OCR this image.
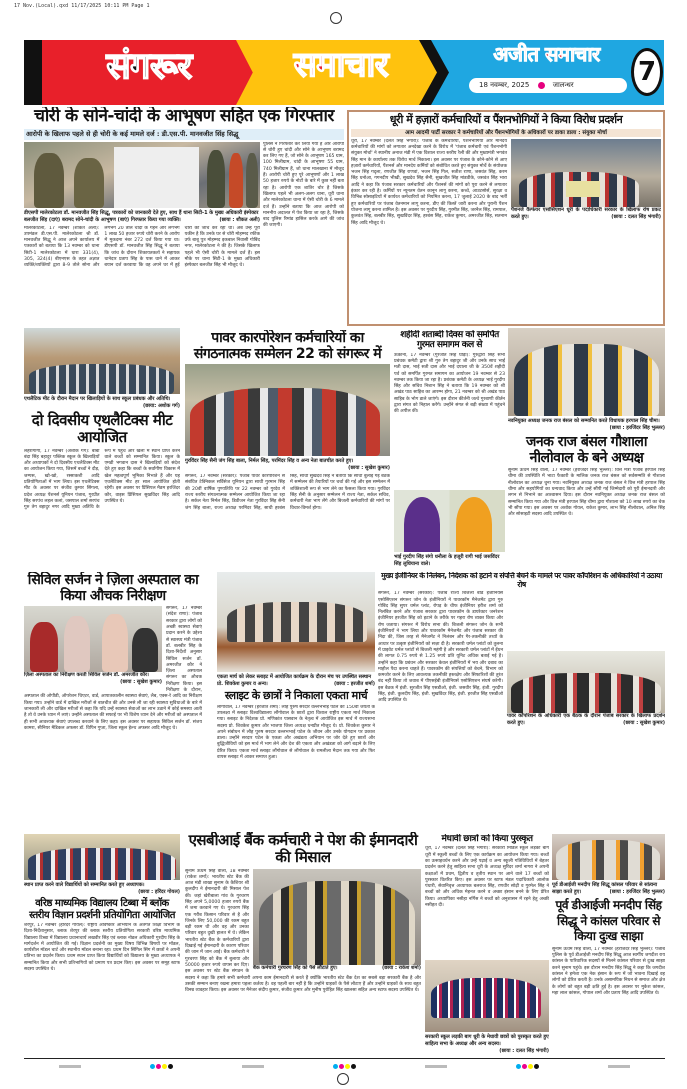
17 Nov.(Local).qxd 11/17/2025 10:11 PM Page 1
संगरूर	समाचार	अजीत समाचार
18 नवम्बर, 2025	जालन्धर	7
चोरी के सोने-चांदी के आभूषण सहित एक गिरफ्तार
आरोपी के खिलाफ पहले से ही चोरी के कई मामले दर्ज : डी.एस.पी. मानवजीत सिंह सिद्धू
डीएसपी मालेरकोटला डॉ. मानवजीत सिंह सिद्धू, पत्रकारों को जानकारी देते हुए, साथ हैं थाना सिटी-1 के मुख्य अधिकारी इंस्पेक्टर बलजीत सिंह (दाएं) बरामद सोने-चांदी के आभूषण (बाएं) गिरफ्तार किया गया व्यक्ति।	(छाया : शौकत अली)
मालेरकोटला, 17 नवम्बर (शौकत अली): उपमंडल डी.एस.पी. मालेरकोटला श्री डॉ. मानवजीत सिद्धू ने आज अपने कार्यालय में पत्रकारों को बताया कि 13 नवम्बर को थाना सिटी-1 मालेरकोटला में धारा 331(4), 305, 324(4) बीएनएस के तहत अज्ञात व्यक्ति/व्यक्तियों द्वारा 8-9 तोले सोना और लगभग 20 तोले चांदी के गहने और लगभग 1 लाख 50 हजार रुपये चोरी करने के आरोप में मुकदमा नंबर 272 दर्ज किया गया था। डीएसपी डॉ. मानवजीत सिंह सिद्धू ने बताया कि जांच के दौरान शिकायतकर्ता ने सहायक थानेदार प्रताप सिंह के पास थाने में आकर बयान दर्ज करवाया कि वह अपने घर में हुई चोरी की जांच कर रहा था। अब उन्हें पूरा यकीन है कि उनके घर से चोरी मोहम्मद रफीक उर्फ बाबू पुत्र मोहम्मद इकबाल निवासी गोबिंद नगर, मालेरकोटला ने की है। जिसके खिलाफ पहले भी ऐसी चोरी के मामले दर्ज हैं। इस मौके पर थाना सिटी-1 के मुख्य अधिकारी इंस्पेक्टर बलजीत सिंह भी मौजूद थे।
पुलिस ने गिरफ्तार कर लिया गया है और आरोपी से चोरी हुए चांदी और सोने के आभूषण बरामद कर लिए गए हैं, जो सोने के आभूषण 165 ग्राम, 100 मिलीग्राम, चांदी के आभूषण 55 ग्राम, 740 मिलीग्राम हैं, जो थाना मालखाना में मौजूद हैं। आरोपी चोरी हुए पूरे आभूषणों और 1 लाख 50 हजार रुपये के नोटों के बारे में कुछ नहीं बता रहा है। आरोपी एक शातिर चोर है जिसके खिलाफ पहले भी अलग-अलग थाना, धूरी थाना और मालेरकोटला थाना में ऐसी चोरी के 6 मामले दर्ज हैं। उन्होंने बताया कि आज आरोपी को माननीय अदालत में पेश किया जा रहा है, जिसके बाद पुलिस रिमांड हासिल करके आगे की जांच की जाएगी।
धूरी में हज़ारों कर्मचारियों व पैंशनभोगियों ने किया विरोध प्रदर्शन
आम आदमी पार्टी सरकार ने कर्मचारियों और पैंशनभोगियों के अधिकारों पर डाका डाला : संयुक्त मोर्चा
पैंशनर्ज वैल्फेयर एसोसिएशन धूरी के पदाधिकारी सरकार के खिलाफ रोष प्रकट करते हुए।	(छाया : दलत सिंह भंगारी)
धूरी, 17 नवम्बर (दलत सिंह भंगारी): पंजाब के कर्मचारियों, पैंशनभोगियों और मानदेय कर्मचारियों की मांगों को लगातार अनदेखा करने के विरोध में 'पंजाब कर्मचारी एवं पैंशनभोगी संयुक्त मोर्चा' ने स्थानीय अनाज मंडी में एक विशाल राज्य स्तरीय रैली की और मुख्यमंत्री भगवंत सिंह मान के कार्यालय तक विरोध मार्च निकाला। इस अवसर पर पंजाब के कोने-कोने से आए हज़ारों कर्मचारियों, पैंशनर्स और मानदेय कर्मियों को संबोधित करते हुए संयुक्त मोर्चे के संयोजक भजन सिंह गदृला, रणजीत सिंह राणवां, भजन सिंह गिल, सतीश राणा, जसवंत सिंह, करम सिंह धनोआ, गगनदीप भीखी, सुखदेव सिंह सैनी, सुखजीत सिंह मांडवीके, जसवंत सिंह भारा आदि ने कहा कि पंजाब सरकार कर्मचारियों और पैंशनर्स की मांगों को पूरा करने से लगातार इंकार कर रही है। कर्मियों पर न्यूनतम वेतन कानून लागू करना, कच्चे, आउटसोर्स, सुरक्षा व विभिन्न सोसाइटियों में कार्यरत कर्मचारियों को नियमित करना, 17 जुलाई 2020 के बाद भर्ती हुए कर्मचारियों पर पंजाब वेतनमान लागू करना, डीए की किस्तें जारी करना और पुरानी पैंशन योजना लागू करना शामिल है। इस अवसर पर गुरदीप सिंह, गुरमीत सिंह, जरनैल सिंह, रामपाल, कुलवंत सिंह, बलबीर सिंह, सुखविंदर सिंह, हरबंस सिंह, राकेश कुमार, अमरजीत सिंह, सतनाम सिंह आदि मौजूद थे।
एथलैटिक मीट के दौरान मैदान पर खिलाड़ियों के साथ स्कूल प्रबंधक और अतिथि।
(छाया: अशोक गर्ग)
दो दिवसीय एथलैटिक्स मीट आयोजित
लहरागागा, 17 नवम्बर (अशोक गर्ग): बाबा बंदा सिंह बहादुर पब्लिक स्कूल के खिलाड़ियों और अध्यापकों ने दो दिवसीय एथलैटिक्स मीट का आयोजन किया गया, जिसमें बच्चों ने दौड़, जम्पस, खो-खो, रस्साकशी आदि प्रतियोगिताओं में भाग लिया। इस एथलैटिक्स मीट के अवसर पर संजीव कुमार सिंगला, प्रदेश अध्यक्ष पेंशनर्स यूनियन पंजाब, गुरप्रीत सिंह सरपंच लहल कलां, जसपाल शर्मा सरपंच गुरु तेग बहादुर नगर आदि मुख्य अतिथि के रूप में पहुंचे और खेलों में स्थान प्राप्त करने वाले बच्चों को सम्मानित किया। स्कूल के एमडी भगवान दास ने खिलाड़ियों को संदेश देते हुए कहा कि बच्चों के सर्वांगीण विकास में खेल महत्वपूर्ण भूमिका निभाते हैं और यह एथलैटिक्स मीट हर साल आयोजित होती रहेगी। इस अवसर पर प्रिंसिपल मैडम हरजिंदर कौर, वाइस प्रिंसिपल सुखविंदर सिंह आदि उपस्थित थे।
पावर कारपोरेशन कर्मचारियों का संगठनात्मक सम्मेलन 22 को संगरूर में
गुरविंदर सिंह सैनी जंग सिंह बाला, निर्मल सिंह, परमिंदर सिंह व अन्य नेता बातचीत करते हुए।
(छाया : सुखेश कुमार)
संगरूर, 17 नवम्बर (सरकार): पंजाब पावर कारपोरेशन से संबंधित टेक्निकल सर्विसेज यूनियन द्वारा साथी गुरमान सिंह की 20वीं वार्षिक पुण्यतिथि पर 22 नवम्बर को गुरदेव में राज्य स्तरीय संगठनात्मक सम्मेलन आयोजित किया जा रहा है। सर्कल नेता निर्मल सिंह, डिवीजन नेता गुरविंदर सिंह सैनी जंग सिंह बाला, राज्य अध्यक्ष परमिंदर सिंह, साथी हरबंस सिंह, साथी सुखदेव सिंह ने बताया कि साथी बुलाई गई बैठक में सम्मेलन की तैयारियों पर चर्चा की गई और इस सम्मेलन में शक्तिशाली रूप से भाग लेने का फैसला किया गया। गुरविंदर सिंह सैनी के अनुसार सम्मेलन में राज्य नेता, सर्कल सचिव, कर्मचारी नेता भाग लेंगे और बिजली कर्मचारियों की मांगों पर विचार-विमर्श होगा।
शहीदी शताब्दी दिवस को समर्पित गुरमत समागम कल से
ऊकाना, 17 नवम्बर (गुरजीत सिंह घोड़ा): गुरुद्वारा सिंह सभा प्रबंधक कमेटी द्वारा श्री गुरु तेग बहादुर जी और उनके साथ भाई मती दास, भाई सती दास और भाई दयाला जी के 350वें शहीदी पर्व को समर्पित गुरमत समागम का आयोजन 19 नवम्बर से 23 नवम्बर तक किया जा रहा है। प्रबंधक कमेटी के अध्यक्ष भाई गुरदीप सिंह और सचिव निशान सिंह ने बताया कि 19 नवम्बर को श्री अखंड पाठ साहिब का आरम्भ होगा, 21 नवम्बर को श्री अखंड पाठ साहिब के भोग डाले जाएंगे। इस दौरान कीर्तनी जत्थे गुरबाणी कीर्तन द्वारा संगत को निहाल करेंगे। उन्होंने संगत से बड़ी संख्या में पहुंचने की अपील की।
भाई गुरदीप सिंह संगो धनौला के हजूरी रागी भाई जसविंदर सिंह लुधियाना वाले।
नवनियुक्त अध्यक्ष जनक राज बंसल को सम्मानित करते विधायक हरपाल सिंह चीमा।
(छाया : हरजिंदर सिंह भुल्लर)
जनक राज बंसल गौशाला नीलोवाल के बने अध्यक्ष
सुनाम ऊधम सिंह वाला, 17 नवम्बर (हरजिंदर सिंह भुल्लर): वित्त मंत्री पंजाब हरपाल सिंह चीमा की उपस्थिति में भाटा फैक्टरी के मालिक जनक राज बंसल को सर्वसम्मति से गौशाला नीलोवाल का अध्यक्ष चुना गया। नवनियुक्त अध्यक्ष जनक राज बंसल ने वित्त मंत्री हरपाल सिंह चीमा और सहयोगियों का धन्यवाद किया और उन्हें सौंपी गई जिम्मेदारी को पूरी ईमानदारी और लगन से निभाने का आश्वासन दिया। इस दौरान नवनियुक्त अध्यक्ष जनक राज बंसल को सम्मानित किया गया और वित्त मंत्री हरपाल सिंह चीमा द्वारा गौशाला को 10 लाख रुपये का चेक भी सौंपा गया। इस अवसर पर अशोक गोयल, राकेश कुमार, लाभ सिंह नीलोवाल, अनिल सिंह और सोसाइटी सदस्य आदि उपस्थित थे।
सिविल सर्जन ने ज़िला अस्पताल का किया औचक निरीक्षण
ज़िला अस्पताल का निरीक्षण करती सिविल सर्जन डॉ. अमरजीत कौर।
(छाया : सुखेश कुमार)
संगरूर, 17 नवम्बर (संदेश राणा): पंजाब सरकार द्वारा लोगों को अच्छी स्वास्थ्य सेवाएं प्रदान करने के उद्देश्य से स्वास्थ्य मंत्री पंजाब डॉ. बलबीर सिंह के दिशा-निर्देशों अनुसार सिविल सर्जन डॉ. अमरजीत कौर ने ज़िला अस्पताल संगरूर का औचक निरीक्षण किया। इस निरीक्षण के दौरान, अस्पताल की ओपीडी, ऑपरेशन थिएटर, वार्ड, आपातकालीन स्वास्थ्य सेवाएं, लैब, एक्स-रे आदि का निरीक्षण किया गया। उन्होंने वार्ड में दाखिल मरीजों से बातचीत की और उनसे ली जा रही स्वास्थ्य सुविधाओं के बारे में जानकारी ली और दाखिल मरीजों से कहा कि यदि उन्हें स्वास्थ्य सेवाओं का लाभ उठाने में कोई समस्या आती है तो वे उनके ध्यान में लाएं। उन्होंने अस्पताल की सफाई पर भी विशेष ध्यान देने और मरीजों को अस्पताल में ही सभी आवश्यक सेवाएं उपलब्ध करवाने के लिए कहा। इस अवसर पर सहायक सिविल सर्जन डॉ. संजय कामरा, सीनियर मैडिकल अफसर डॉ. विपिन गुप्ता, जिला स्कूल हेल्थ अफसर आदि मौजूद थे।
एकता मार्च को लेकर स्लाइट में आयोजित कार्यक्रम के दौरान मंच पर उपस्थित सस्थान प्रो. शिवकेश कुमार व अन्य।	(छाया : हरजीत शर्मा)
स्लाइट के छात्रों ने निकाला एकता मार्च
लौंगोवाल, 17 नवम्बर (हरजीत शर्मा): लौह पुरुष सरदार वल्लभभाई पटेल की 150वीं जयंती के उपलक्ष्य में स्लाइट विश्वविद्यालय लौंगोवाल के छात्रों द्वारा विशाल राष्ट्रीय एकता मार्च निकाला गया। स्लाइट के निदेशक प्रो. मणिकांत पासवान के नेतृत्व में आयोजित इस मार्च में राज्यसभा सदस्य प्रो. शिवकेश कुमार और भाजपा जिला अध्यक्ष धनप्रीत मौजूद थे। प्रो. शिवकेश कुमार ने अपने संबोधन में लौह पुरुष सरदार वल्लभभाई पटेल के जीवन और उनके योगदान पर प्रकाश डाला। उन्होंने सरदार पटेल के एकता और अखंडता अभियान पर जोर देते हुए छात्रों और बुद्धिजीवियों को इस मार्च में भाग लेने और देश की एकता और अखंडता को आगे बढ़ाने के लिए प्रेरित किया। एकता मार्च स्लाइट लौंगोवाल से लौंगोवाल के रामलीला मैदान तक गया और फिर वापस स्लाइट में आकर समाप्त हुआ।
मुख्य इंजीनियर के निलंबन, निदेशक को हटाने व संपत्ति बेचने के मामले पर पावर कॉर्पोरेशन के अधिकारियों ने उठाया रोष
पावर कॉर्पोरेशन के अधिकारी एक बैठक के दौरान पंजाब सरकार के खिलाफ प्रदर्शन करते हुए।	(छाया : सुखेश कुमार)
संगरूर, 17 नवम्बर (सरकार): पंजाब राज्य बिजली बोर्ड इंजीनियर्स एसोसिएशन संगरूर जोन के इंजीनियरों ने पावरकॉम मैनेजमेंट द्वारा गुरु गोबिंद सिंह सुपर थर्मल प्लांट, रोपड़ के चीफ इंजीनियर हरीश शर्मा को निलंबित करने और पंजाब सरकार द्वारा पावरकॉम के डायरेक्टर जनरेशन इंजीनियर हरजीत सिंह को हटाने के तरीके पर गहरा रोष व्यक्त किया और रोष जताया। संगरूर में विरोध सभा की। बिजली संगरूर जोन के सभी इंजीनियरों ने भाग लिया और पावरकॉम मैनेजमेंट और पंजाब सरकार की निंदा की, जिस तरह से मैनेजमेंट ने निलंबन और गैर-तकनीकी तथ्यों के आधार पर उत्कृष्ट इंजीनियरों को सज़ा दी है। सरकारी थर्मल प्लांटों को तुलना में प्राइवेट थर्मल प्लांटों से बिजली महंगी है और सरकारी थर्मल प्लांटों में ईंधन की लागत 0.75 रुपये से 1.25 रुपये प्रति यूनिट अधिक बताई गई है। उन्होंने कहा कि प्रबंधन और सरकार केवल इंजीनियरों में भय और दबाव का माहौल पैदा करना चाहते हैं। पावरकॉम की संपत्तियों को बेचने, विभाग को कमजोर करने के लिए आवश्यक तकनीकी हस्तक्षेप और सिफारिशों की तुरंत बंद नहीं किया तो जवाब में पीएसईबी इंजीनियर्स एसोसिएशन संघर्ष करेगी। इस बैठक में इंजी. सुरजीत सिंह एसडीओ, इंजी. जसवीर सिंह, इंजी. गुरदीप सिंह, इंजी. कुलदीप सिंह, इंजी. सुखविंदर सिंह, इंजी. हरजीत सिंह एसडीओ आदि उपस्थित थे।
स्थान प्राप्त करने वाले विद्यार्थियों को सम्मानित करते हुए अध्यापक।
(छाया : हरिंदर गोयल)
वरिष्ठ माध्यमिक विद्यालय टिब्बा में ब्लॉक स्तरीय विज्ञान प्रदर्शनी प्रतियोगिता आयोजित
शेरपुर, 17 नवम्बर (हरिंदर गोयल): राष्ट्रीय अविष्कार अभियान के अंतर्गत शिक्षा विभाग के दिशा-निर्देशानुसार, ब्लाक शेरपुर की ब्लाक स्तरीय प्रतियोगिता सरकारी वरिष्ठ माध्यमिक विद्यालय टिब्बा में विद्यालय प्रधानाचार्य लखवीर सिंह एवं ब्लाक नोडल अधिकारी गुरदीप सिंह के मार्गदर्शन में आयोजित की गई। विज्ञान प्रदर्शनी का मुख्य विषय विभिन्न विषयों पर मॉडल, कार्यशील मॉडल चार्ट और स्थानीय मॉडल बनाना रहा। प्रथम दिन सिंगिल सिंग में छात्रों ने अपनी प्रतिभा का प्रदर्शन किया। प्रथम स्थान प्राप्त किया विद्यार्थियों को विद्यालय के मुख्य अध्यापक ने सम्मानित किया और सभी प्रतिभागियों को प्रमाण पत्र प्रदान किए। इस अवसर पर समूह स्टाफ सदस्य उपस्थित थे।
एसबीआई बैंक कर्मचारी ने पेश की ईमानदारी की मिसाल
बैंक कर्मचारी गुरचरण सिंह को पैसे लौटाते हुए।	(छाया : राकेश शर्मा)
सुनाम ऊधम सिंह वाला, 18 नवम्बर (राकेश शर्मा): भारतीय स्टेट बैंक की आज मंडी शाखा सुनाम के कैशियर श्री कुलदीप ने ईमानदारी की मिसाल पेश की। जहां खेरीबाला गांव के गुरचरण सिंह अपने 5,0000 हजार रुपये बैंक में जमा करवाने गए थे। गुरचरण सिंह एक गरीब किसान परिवार से है और जिनके लिए 50,000 की रकम बहुत बड़ी रकम थी और वह और उनका परिवार बहुत दुखी हालत में थे। लेकिन भारतीय स्टेट बैंक के कर्मचारियों द्वारा दिखाई गई ईमानदारी के कारण परिवार की जान में जान आई। बैंक कर्मचारी ने गुरचरण सिंह को बैंक में बुलाया और 50000 हजार रुपये वापस कर दिए। इस अवसर पर स्टेट बैंक संगठन के सदस्य ने कहा कि हमारे सभी कर्मचारी अपना काम ईमानदारी से करते हैं क्योंकि भारतीय स्टेट बैंक देश का सबसे बड़ा सरकारी बैंक है और उसकी सम्मान बनाए रखना हमारा पहला कर्तव्य है। वह पहली बार नहीं है कि उन्होंने ग्राहकों के पैसे लौटाए हैं और उन्होंने ग्राहकों के साथ बहुत विनम्र व्यवहार किया। इस अवसर पर मैनेजर संदीप कुमार, संजीव कुमार और मुनीष पुरोहित सिंह खालसा सहित अन्य स्टाफ सदस्य उपस्थित थे।
मेधावी छात्रों को किया पुरस्कृत
धूरी, 17 नवम्बर (दलत सिंह भंगारी): सरकारी मिडिल स्कूल लड़की बाग धूरी में स्कूली बच्चों के लिए एक कार्यक्रम का आयोजन किया गया। बच्चों का उत्साहवर्धन करने और उन्हें पढ़ाई व अन्य स्कूली गतिविधियों में बेहतर प्रदर्शन करने हेतु साहित्य सभा धूरी के अध्यक्ष सुरिंदर शर्मा नागरा ने अपनी कक्षाओं में प्रथम, द्वितीय व तृतीय स्थान पर आने वाले 17 बच्चों को पुरस्कार वितरित किए। इस अवसर पर स्टाफ मंडल पदाधिकारी आलोक पंधारी, सेवानिवृत्त अध्यापक बलराज सिंह, रणधीर सोढ़ी व गुरमेल सिंह ने बच्चों को और अधिक मेहनत करने व अच्छा इंसान बनने के लिए प्रेरित किया। अध्यापिका नसीहा नर्गिस ने बच्चों को अनुशासन में रहने हेतु अच्छी नसीहत दी।
सरकारी स्कूल लड़की बाग धूरी के मेधावी छात्रों को पुरस्कृत करते हुए साहित्य सभा के अध्यक्ष और अन्य सदस्य।
(छाया : दलत सिंह भंगारी)
पूर्व डीआईजी मनदीप सिंह सिद्धू कांसल परिवार से सांत्वना साझा करते हुए।	(छाया : हरजिंदर सिंह भुल्लर)
पूर्व डीआईजी मनदीप सिंह सिद्धू ने कांसल परिवार से किया दुःख साझा
सुनाम ऊधम सिंह वाला, 17 नवम्बर (हरजिंदर सिंह भुल्लर): पंजाब पुलिस के पूर्व डीआईजी मनदीप सिंह सिद्धू आज स्वर्गीय जगदीश राय कांसल के पारिवारिक सदस्यों से मिलने कांसल परिवार से दुःख साझा करने सुनाम पहुंचे। इस दौरान मनदीप सिंह सिद्धू ने कहा कि जगदीश कांसल ने हमेशा एक नेक इंसान के रूप में जो भावना दिखाई वह लोगों को प्रेरित करती है। उनके असामयिक निधन से समाज और क्षेत्र के लोगों को बहुत बड़ी क्षति हुई है। इस अवसर पर मुकेश कांसल, महा लाल कांसल, गोपाल शर्मा और प्रताप सिंह आदि उपस्थित थे।
